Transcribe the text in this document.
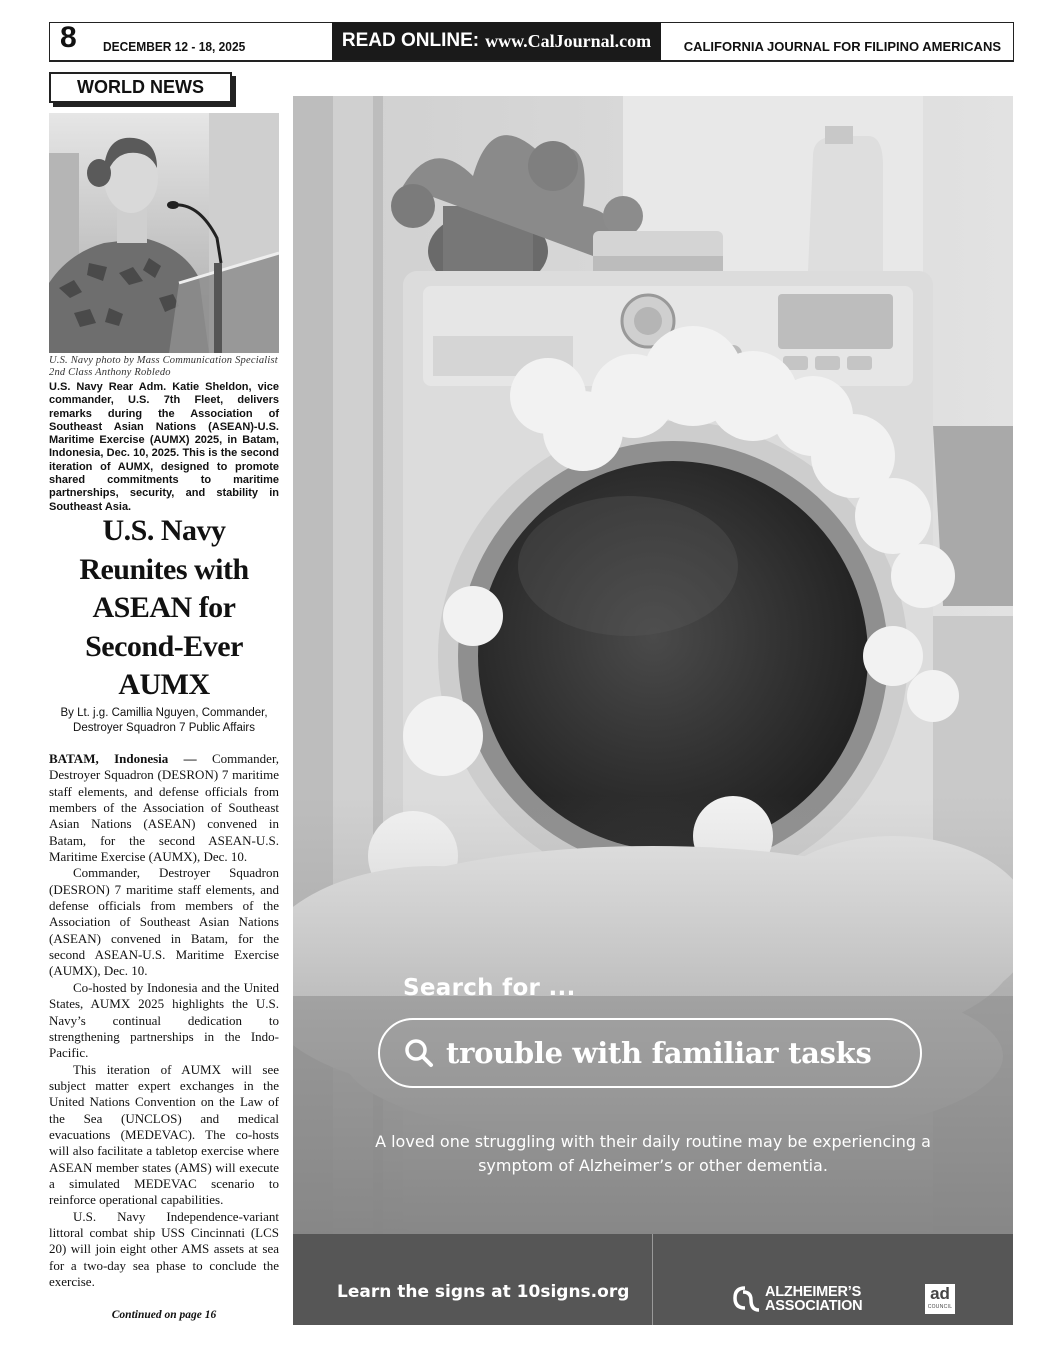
8 DECEMBER 12 - 18, 2025	READ ONLINE: www.CalJournal.com	CALIFORNIA JOURNAL FOR FILIPINO AMERICANS
WORLD NEWS
U.S. Navy photo by Mass Communication Specialist 2nd Class Anthony Robledo
U.S. Navy Rear Adm. Katie Sheldon, vice commander, U.S. 7th Fleet, delivers remarks during the Association of Southeast Asian Nations (ASEAN)-U.S. Maritime Exercise (AUMX) 2025, in Batam, Indonesia, Dec. 10, 2025. This is the second iteration of AUMX, designed to promote shared commitments to maritime partnerships, security, and stability in Southeast Asia.
U.S. Navy Reunites with ASEAN for Second-Ever AUMX
By Lt. j.g. Camillia Nguyen, Commander, Destroyer Squadron 7 Public Affairs

BATAM, Indonesia — Commander, Destroyer Squadron (DESRON) 7 maritime staff elements, and defense officials from members of the Association of Southeast Asian Nations (ASEAN) convened in Batam, for the second ASEAN-U.S. Maritime Exercise (AUMX), Dec. 10.

Commander, Destroyer Squadron (DESRON) 7 maritime staff elements, and defense officials from members of the Association of Southeast Asian Nations (ASEAN) convened in Batam, for the second ASEAN-U.S. Maritime Exercise (AUMX), Dec. 10.

Co-hosted by Indonesia and the United States, AUMX 2025 highlights the U.S. Navy’s continual dedication to strengthening partnerships in the Indo-Pacific.

This iteration of AUMX will see subject matter expert exchanges in the United Nations Convention on the Law of the Sea (UNCLOS) and medical evacuations (MEDEVAC). The co-hosts will also facilitate a tabletop exercise where ASEAN member states (AMS) will execute a simulated MEDEVAC scenario to reinforce operational capabilities.

U.S. Navy Independence-variant littoral combat ship USS Cincinnati (LCS 20) will join eight other AMS assets at sea for a two-day sea phase to conclude the exercise.

Continued on page 16
Search for ...
trouble with familiar tasks
A loved one struggling with their daily routine may be experiencing a symptom of Alzheimer’s or other dementia.
Learn the signs at 10signs.org	ALZHEIMER’S
ASSOCIATION
ad
COUNCIL
